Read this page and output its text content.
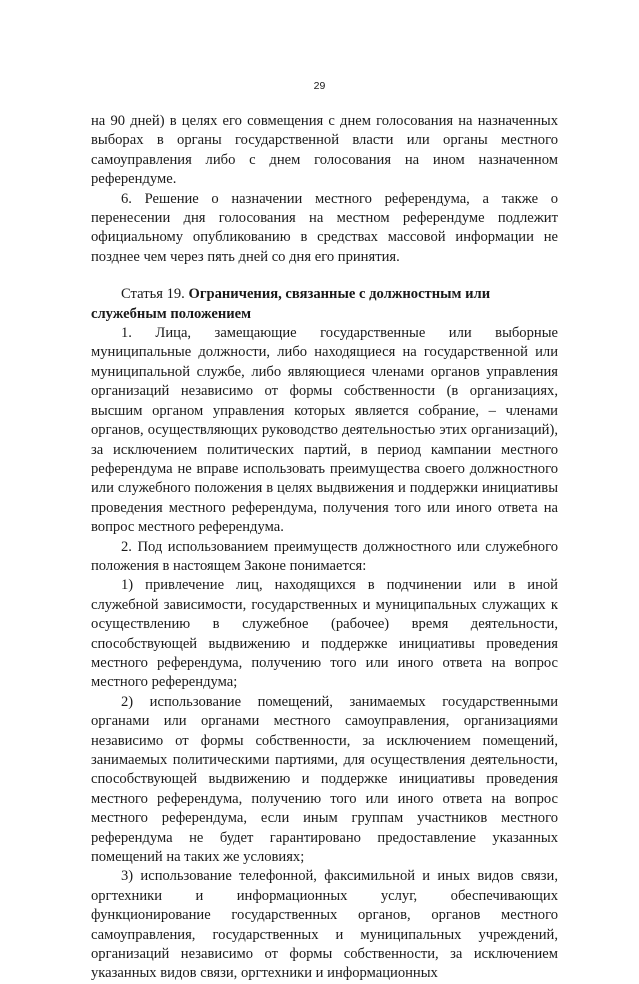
29

на 90 дней) в целях его совмещения с днем голосования на назначенных выборах в органы государственной власти или органы местного самоуправления либо с днем голосования на ином назначенном референдуме.

6. Решение о назначении местного референдума, а также о перенесении дня голосования на местном референдуме подлежит официальному опубликованию в средствах массовой информации не позднее чем через пять дней со дня его принятия.

Статья 19. Ограничения, связанные с должностным или служебным положением

1. Лица, замещающие государственные или выборные муниципальные должности, либо находящиеся на государственной или муниципальной службе, либо являющиеся членами органов управления организаций независимо от формы собственности (в организациях, высшим органом управления которых является собрание, – членами органов, осуществляющих руководство деятельностью этих организаций), за исключением политических партий, в период кампании местного референдума не вправе использовать преимущества своего должностного или служебного положения в целях выдвижения и поддержки инициативы проведения местного референдума, получения того или иного ответа на вопрос местного референдума.

2. Под использованием преимуществ должностного или служебного положения в настоящем Законе понимается:

1) привлечение лиц, находящихся в подчинении или в иной служебной зависимости, государственных и муниципальных служащих к осуществлению в служебное (рабочее) время деятельности, способствующей выдвижению и поддержке инициативы проведения местного референдума, получению того или иного ответа на вопрос местного референдума;

2) использование помещений, занимаемых государственными органами или органами местного самоуправления, организациями независимо от формы собственности, за исключением помещений, занимаемых политическими партиями, для осуществления деятельности, способствующей выдвижению и поддержке инициативы проведения местного референдума, получению того или иного ответа на вопрос местного референдума, если иным группам участников местного референдума не будет гарантировано предоставление указанных помещений на таких же условиях;

3) использование телефонной, факсимильной и иных видов связи, оргтехники и информационных услуг, обеспечивающих функционирование государственных органов, органов местного самоуправления, государственных и муниципальных учреждений, организаций независимо от формы собственности, за исключением указанных видов связи, оргтехники и информационных
